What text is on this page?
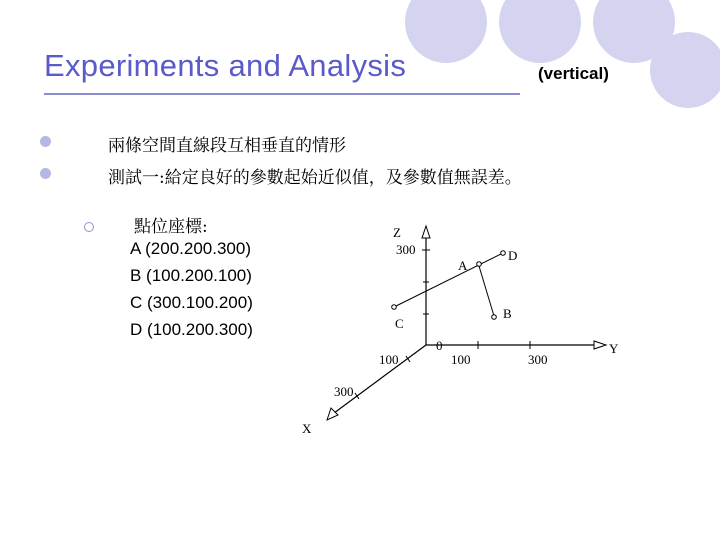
Experiments and Analysis	(vertical)
兩條空間直線段互相垂直的情形
測試一:給定良好的參數起始近似值，及參數值無誤差。
點位座標:
A (200.200.300)
B (100.200.100)
C (300.100.200)
D (100.200.300)
Z
300
A
D
B
C
0
100	300
Y
100
300
X
